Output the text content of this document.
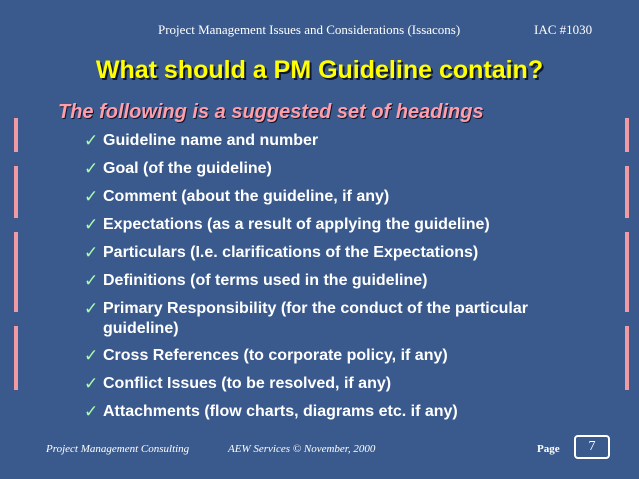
Project Management Issues and Considerations (Issacons)	IAC #1030
What should a PM Guideline contain?
The following is a suggested set of headings
✓ Guideline name and number
✓ Goal (of the guideline)
✓ Comment (about the guideline, if any)
✓ Expectations (as a result of applying the guideline)
✓ Particulars (I.e. clarifications of the Expectations)
✓ Definitions (of terms used in the guideline)
✓ Primary Responsibility (for the conduct of the particular guideline)
✓ Cross References (to corporate policy, if any)
✓ Conflict Issues (to be resolved, if any)
✓ Attachments (flow charts, diagrams etc. if any)
Project Management Consulting	AEW Services © November, 2000	Page	7
